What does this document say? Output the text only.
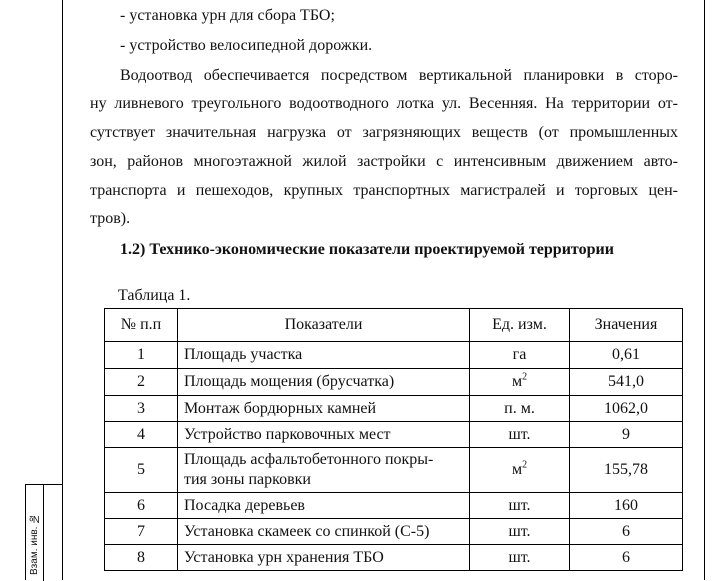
Взам. инв. №
- установка урн для сбора ТБО;
- устройство велосипедной дорожки.
Водоотвод обеспечивается посредством вертикальной планировки в сторо-
ну ливневого треугольного водоотводного лотка ул. Весенняя. На территории от-
сутствует значительная нагрузка от загрязняющих веществ (от промышленных
зон, районов многоэтажной жилой застройки с интенсивным движением авто-
транспорта и пешеходов, крупных транспортных магистралей и торговых цен-
тров).
1.2) Технико-экономические показатели проектируемой территории
Таблица 1.
№ п.п	Показатели	Ед. изм.	Значения
1	Площадь участка	га	0,61
2	Площадь мощения (брусчатка)	$м^2$	541,0
3	Монтаж бордюрных камней	п. м.	1062,0
4	Устройство парковочных мест	шт.	9
5	Площадь асфальтобетонного покры-
тия зоны парковки	$м^2$	155,78
6	Посадка деревьев	шт.	160
7	Установка скамеек со спинкой (С-5)	шт.	6
8	Установка урн хранения ТБО	шт.	6
